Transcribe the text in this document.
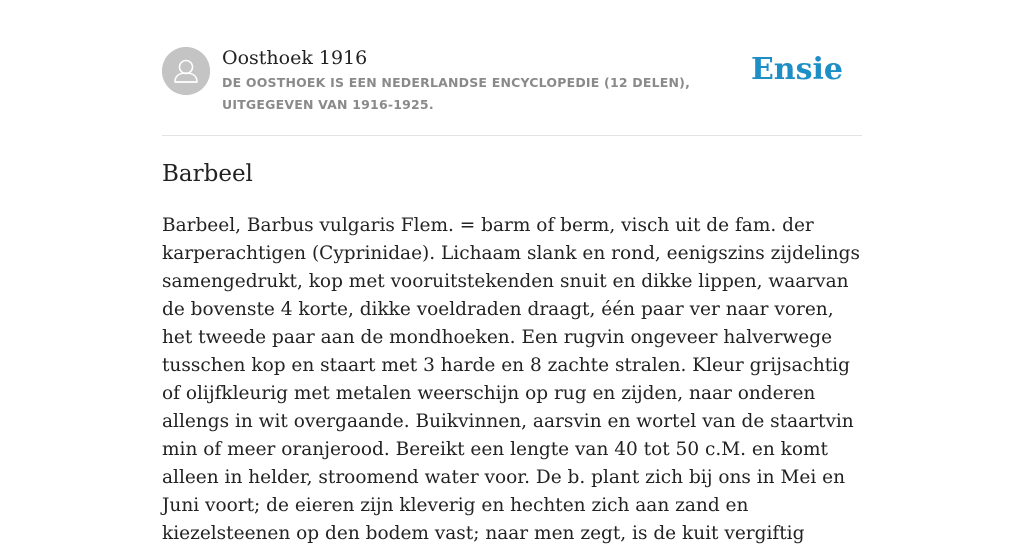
Oosthoek 1916
DE OOSTHOEK IS EEN NEDERLANDSE ENCYCLOPEDIE (12 DELEN), UITGEGEVEN VAN 1916-1925.
Ensie
Barbeel

Barbeel, Barbus vulgaris Flem. = barm of berm, visch uit de fam. der karperachtigen (Cyprinidae). Lichaam slank en rond, eenigszins zijdelings samengedrukt, kop met vooruitstekenden snuit en dikke lippen, waarvan de bovenste 4 korte, dikke voeldraden draagt, één paar ver naar voren, het tweede paar aan de mondhoeken. Een rugvin ongeveer halverwege tusschen kop en staart met 3 harde en 8 zachte stralen. Kleur grijsachtig of olijfkleurig met metalen weerschijn op rug en zijden, naar onderen allengs in wit overgaande. Buikvinnen, aarsvin en wortel van de staartvin min of meer oranjerood. Bereikt een lengte van 40 tot 50 c.M. en komt alleen in helder, stroomend water voor. De b. plant zich bij ons in Mei en Juni voort; de eieren zijn kleverig en hechten zich aan zand en kiezelsteenen op den bodem vast; naar men zegt, is de kuit vergiftig
